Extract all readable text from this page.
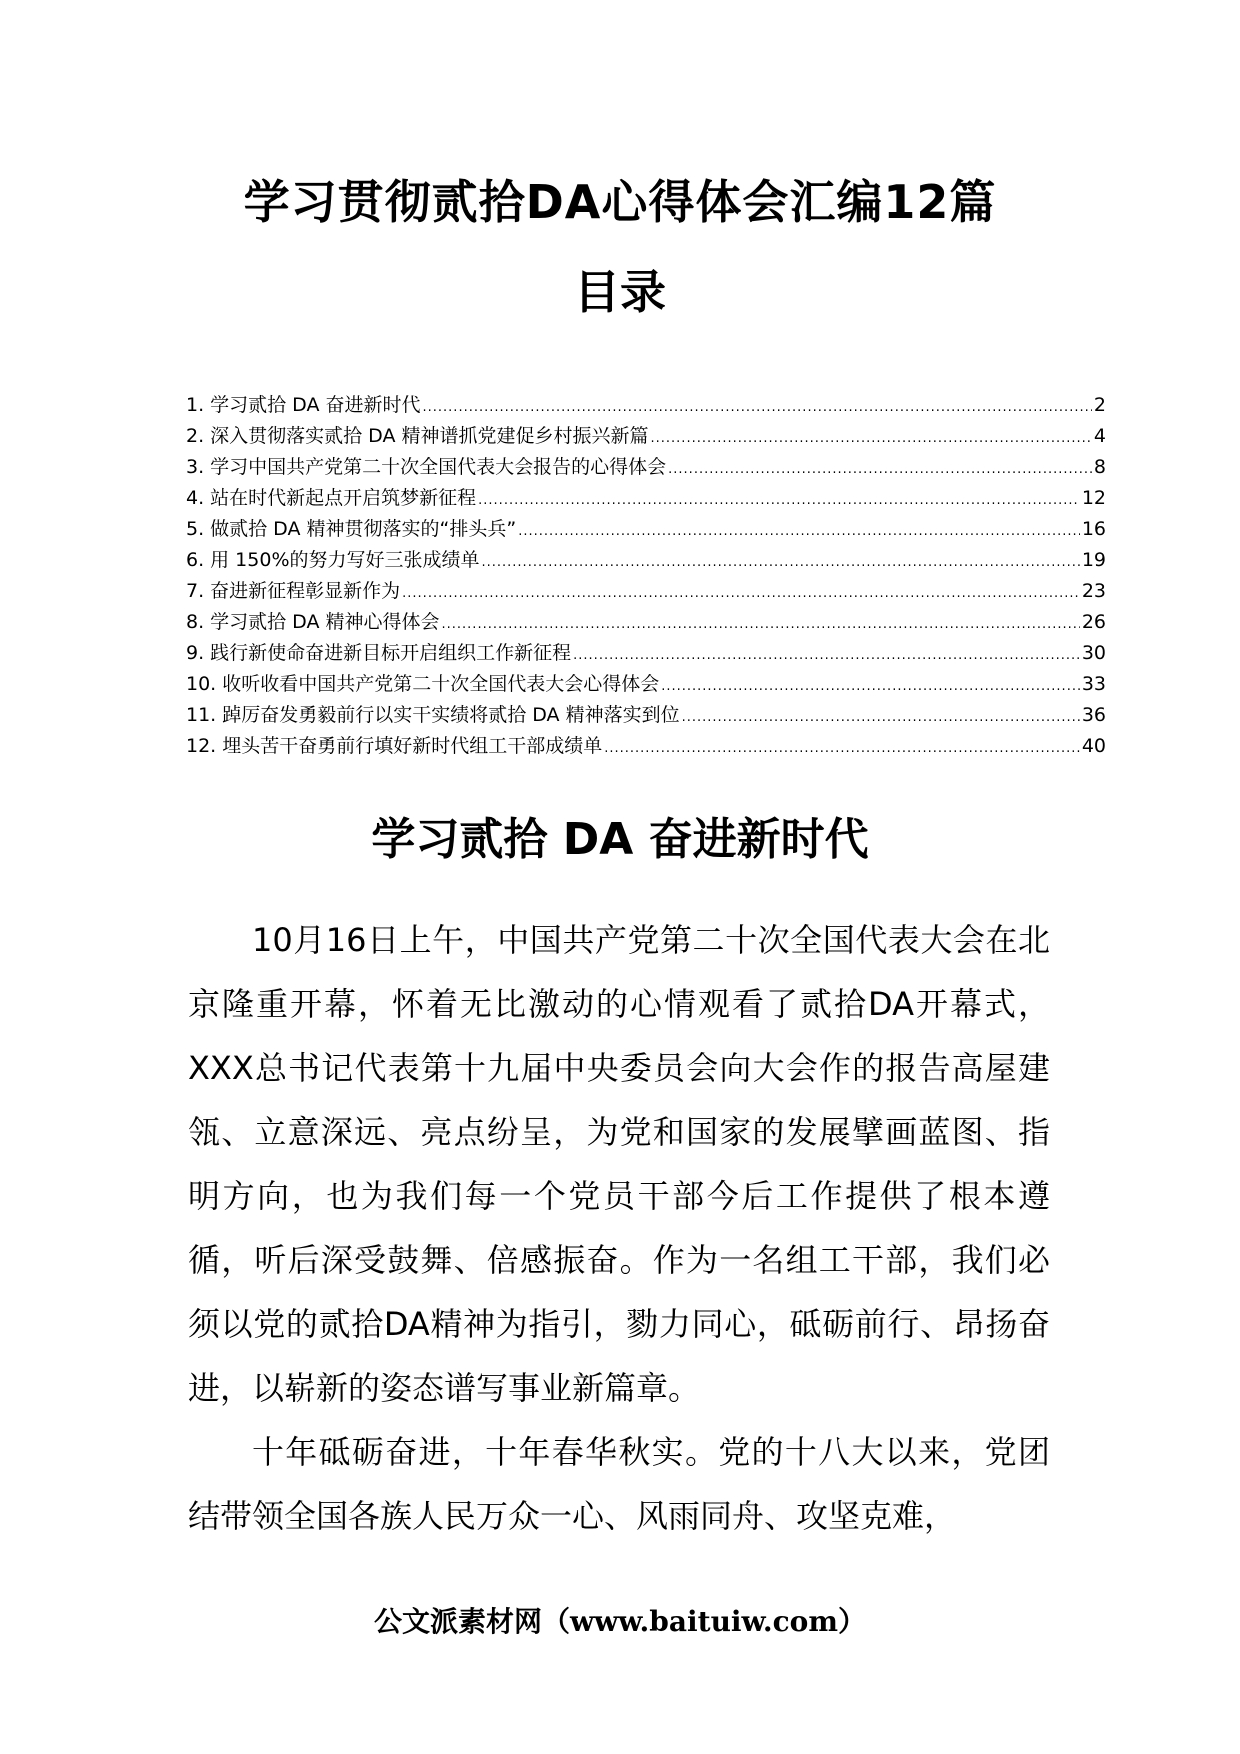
学习贯彻贰拾DA心得体会汇编12篇
目录
1. 学习贰拾 DA 奋进新时代 .....	2
2. 深入贯彻落实贰拾 DA 精神谱抓党建促乡村振兴新篇 .....	4
3. 学习中国共产党第二十次全国代表大会报告的心得体会 .....	8
4. 站在时代新起点开启筑梦新征程 .....	12
5. 做贰拾 DA 精神贯彻落实的“排头兵” .....	16
6. 用 150%的努力写好三张成绩单 .....	19
7. 奋进新征程彰显新作为 .....	23
8. 学习贰拾 DA 精神心得体会 .....	26
9. 践行新使命奋进新目标开启组织工作新征程 .....	30
10. 收听收看中国共产党第二十次全国代表大会心得体会 .....	33
11. 踔厉奋发勇毅前行以实干实绩将贰拾 DA 精神落实到位 .....	36
12. 埋头苦干奋勇前行填好新时代组工干部成绩单 .....	40
学习贰拾 DA 奋进新时代

10月16日上午，中国共产党第二十次全国代表大会在北京隆重开幕，怀着无比激动的心情观看了贰拾DA开幕式，XXX总书记代表第十九届中央委员会向大会作的报告高屋建瓴、立意深远、亮点纷呈，为党和国家的发展擘画蓝图、指明方向，也为我们每一个党员干部今后工作提供了根本遵循，听后深受鼓舞、倍感振奋。作为一名组工干部，我们必须以党的贰拾DA精神为指引，勠力同心，砥砺前行、昂扬奋进，以崭新的姿态谱写事业新篇章。

十年砥砺奋进，十年春华秋实。党的十八大以来，党团结带领全国各族人民万众一心、风雨同舟、攻坚克难，

公文派素材网（www.baituiw.com）
